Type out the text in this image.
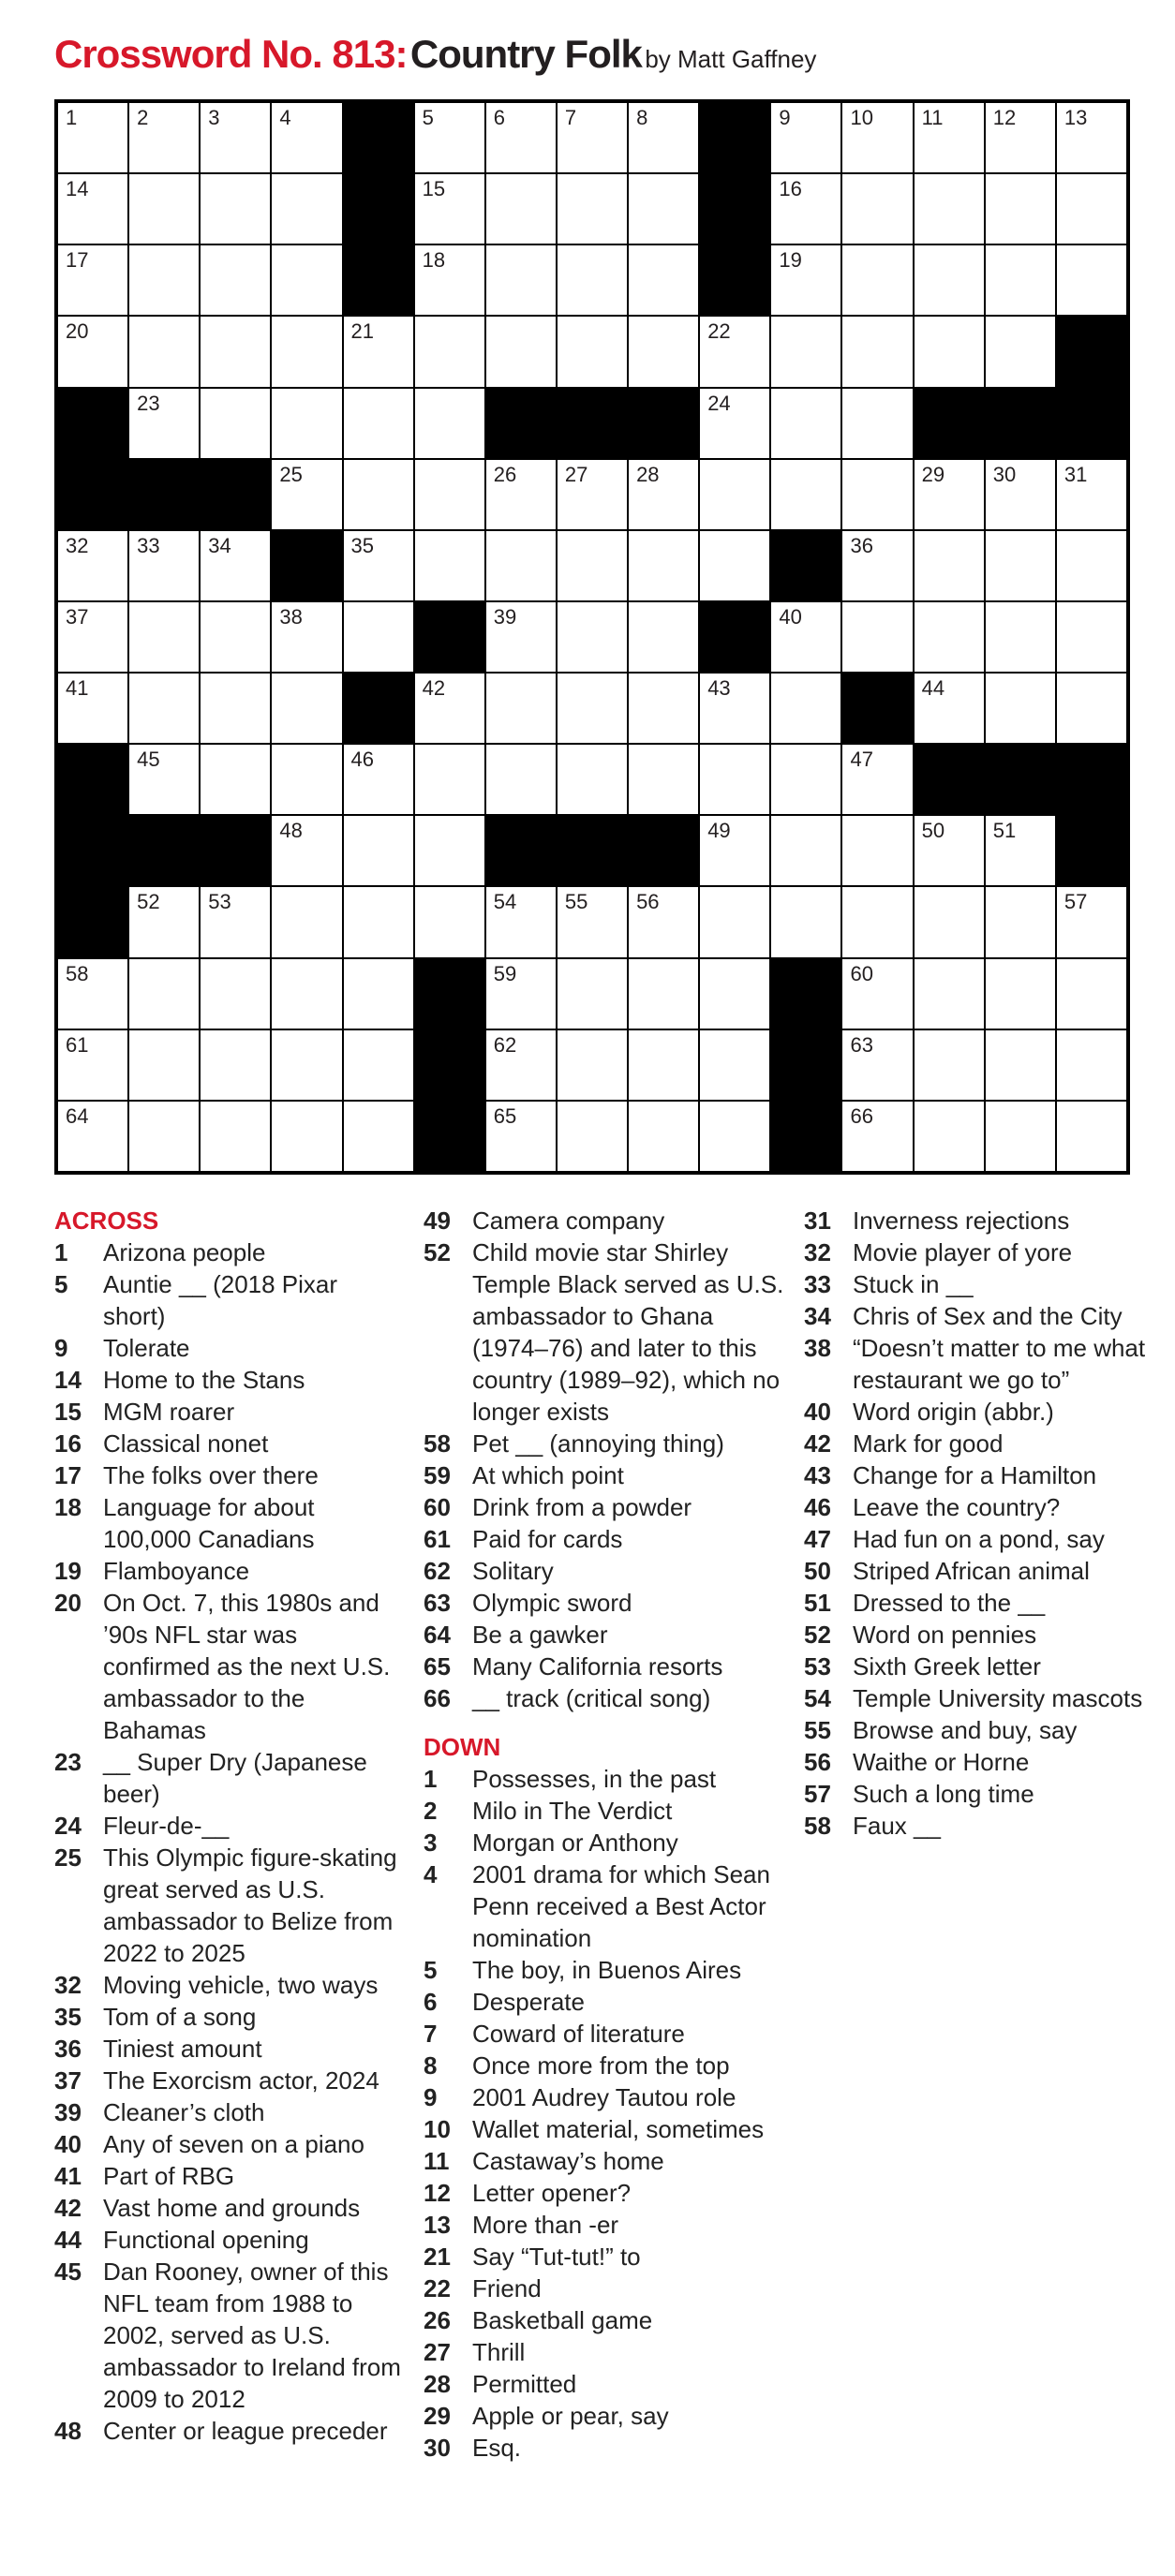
Crossword No. 813: Country Folk by Matt Gaffney
1	2	3	4	5	6	7	8	9	10 11 12 13
14	15	16
17	18	19
20	21	22
23	24
25	26 27 28	29 30 31
32 33 34	35	36
37	38	39	40
41	42	43	44
45	46	47
48	49	50 51
52 53	54 55 56	57
58	59	60
61	62	63
64	65	66
ACROSS
1	Arizona people
5	Auntie __ (2018 Pixar short)
9	Tolerate
14 Home to the Stans
15 MGM roarer
16 Classical nonet
17 The folks over there
18 Language for about 100,000 Canadians
19 Flamboyance
20 On Oct. 7, this 1980s and ’90s NFL star was confirmed as the next U.S. ambassador to the Bahamas
23 __ Super Dry (Japanese beer)
24 Fleur-de-__
25 This Olympic figure-skating great served as U.S. ambassador to Belize from 2022 to 2025
32 Moving vehicle, two ways
35 Tom of a song
36 Tiniest amount
37 The Exorcism actor, 2024
39 Cleaner’s cloth
40 Any of seven on a piano
41 Part of RBG
42 Vast home and grounds
44 Functional opening
45 Dan Rooney, owner of this NFL team from 1988 to 2002, served as U.S. ambassador to Ireland from 2009 to 2012
48 Center or league preceder
49 Camera company
52 Child movie star Shirley Temple Black served as U.S. ambassador to Ghana (1974–76) and later to this country (1989–92), which no longer exists
58 Pet __ (annoying thing)
59 At which point
60 Drink from a powder
61 Paid for cards
62 Solitary
63 Olympic sword
64 Be a gawker
65 Many California resorts
66 __ track (critical song)
DOWN
1	Possesses, in the past
2	Milo in The Verdict
3	Morgan or Anthony
4	2001 drama for which Sean Penn received a Best Actor nomination
5	The boy, in Buenos Aires
6	Desperate
7	Coward of literature
8	Once more from the top
9	2001 Audrey Tautou role
10 Wallet material, sometimes
11 Castaway’s home
12 Letter opener?
13 More than -er
21 Say “Tut-tut!” to
22 Friend
26 Basketball game
27 Thrill
28 Permitted
29 Apple or pear, say
30 Esq.
31 Inverness rejections
32 Movie player of yore
33 Stuck in __
34 Chris of Sex and the City
38 “Doesn’t matter to me what restaurant we go to”
40 Word origin (abbr.)
42 Mark for good
43 Change for a Hamilton
46 Leave the country?
47 Had fun on a pond, say
50 Striped African animal
51 Dressed to the __
52 Word on pennies
53 Sixth Greek letter
54 Temple University mascots
55 Browse and buy, say
56 Waithe or Horne
57 Such a long time
58 Faux __
